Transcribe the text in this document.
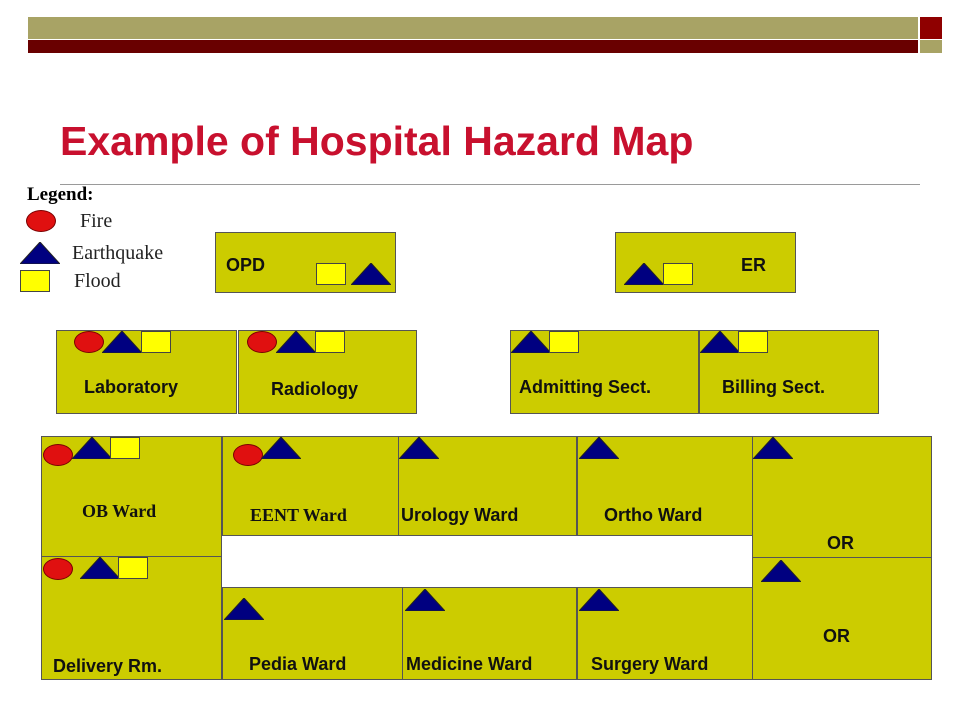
Example of Hospital Hazard Map
Legend:
Fire
Earthquake
Flood
OPD	ER
Laboratory	Radiology	Admitting Sect.	Billing Sect.
OB Ward	EENT Ward	Urology Ward	Ortho Ward
OR
Delivery Rm.	Pedia Ward	Medicine Ward	Surgery Ward
OR
